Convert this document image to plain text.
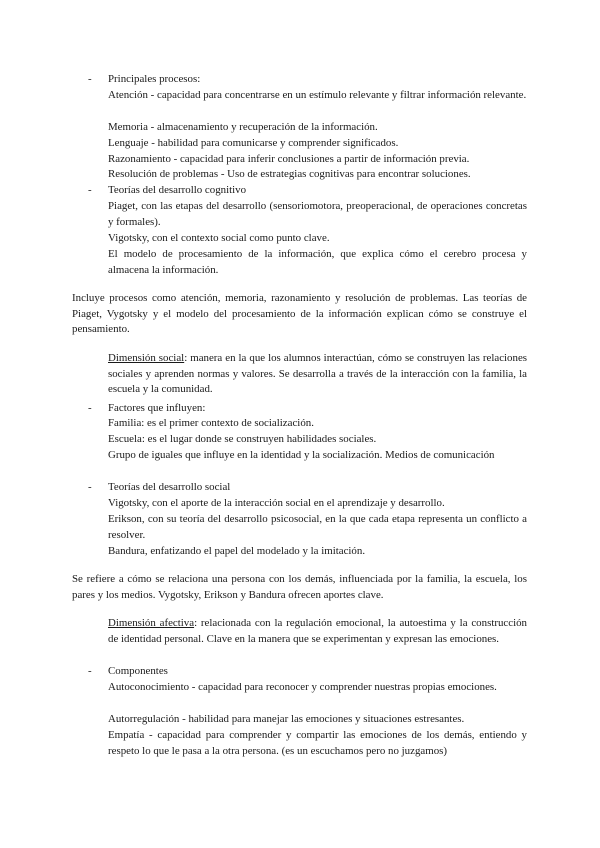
- Principales procesos:

Atención - capacidad para concentrarse en un estímulo relevante y filtrar información relevante.

Memoria - almacenamiento y recuperación de la información.

Lenguaje - habilidad para comunicarse y comprender significados.

Razonamiento - capacidad para inferir conclusiones a partir de información previa.

Resolución de problemas - Uso de estrategias cognitivas para encontrar soluciones.

- Teorías del desarrollo cognitivo

Piaget, con las etapas del desarrollo (sensoriomotora, preoperacional, de operaciones concretas y formales).

Vigotsky, con el contexto social como punto clave.

El modelo de procesamiento de la información, que explica cómo el cerebro procesa y almacena la información.

Incluye procesos como atención, memoria, razonamiento y resolución de problemas. Las teorías de Piaget, Vygotsky y el modelo del procesamiento de la información explican cómo se construye el pensamiento.

Dimensión social: manera en la que los alumnos interactúan, cómo se construyen las relaciones sociales y aprenden normas y valores. Se desarrolla a través de la interacción con la familia, la escuela y la comunidad.

- Factores que influyen:

Familia: es el primer contexto de socialización.

Escuela: es el lugar donde se construyen habilidades sociales.

Grupo de iguales que influye en la identidad y la socialización. Medios de comunicación

- Teorías del desarrollo social

Vigotsky, con el aporte de la interacción social en el aprendizaje y desarrollo.

Erikson, con su teoría del desarrollo psicosocial, en la que cada etapa representa un conflicto a resolver.

Bandura, enfatizando el papel del modelado y la imitación.

Se refiere a cómo se relaciona una persona con los demás, influenciada por la familia, la escuela, los pares y los medios. Vygotsky, Erikson y Bandura ofrecen aportes clave.

Dimensión afectiva: relacionada con la regulación emocional, la autoestima y la construcción de identidad personal. Clave en la manera que se experimentan y expresan las emociones.

- Componentes

Autoconocimiento - capacidad para reconocer y comprender nuestras propias emociones.

Autorregulación - habilidad para manejar las emociones y situaciones estresantes.

Empatía - capacidad para comprender y compartir las emociones de los demás, entiendo y respeto lo que le pasa a la otra persona. (es un escuchamos pero no juzgamos)
